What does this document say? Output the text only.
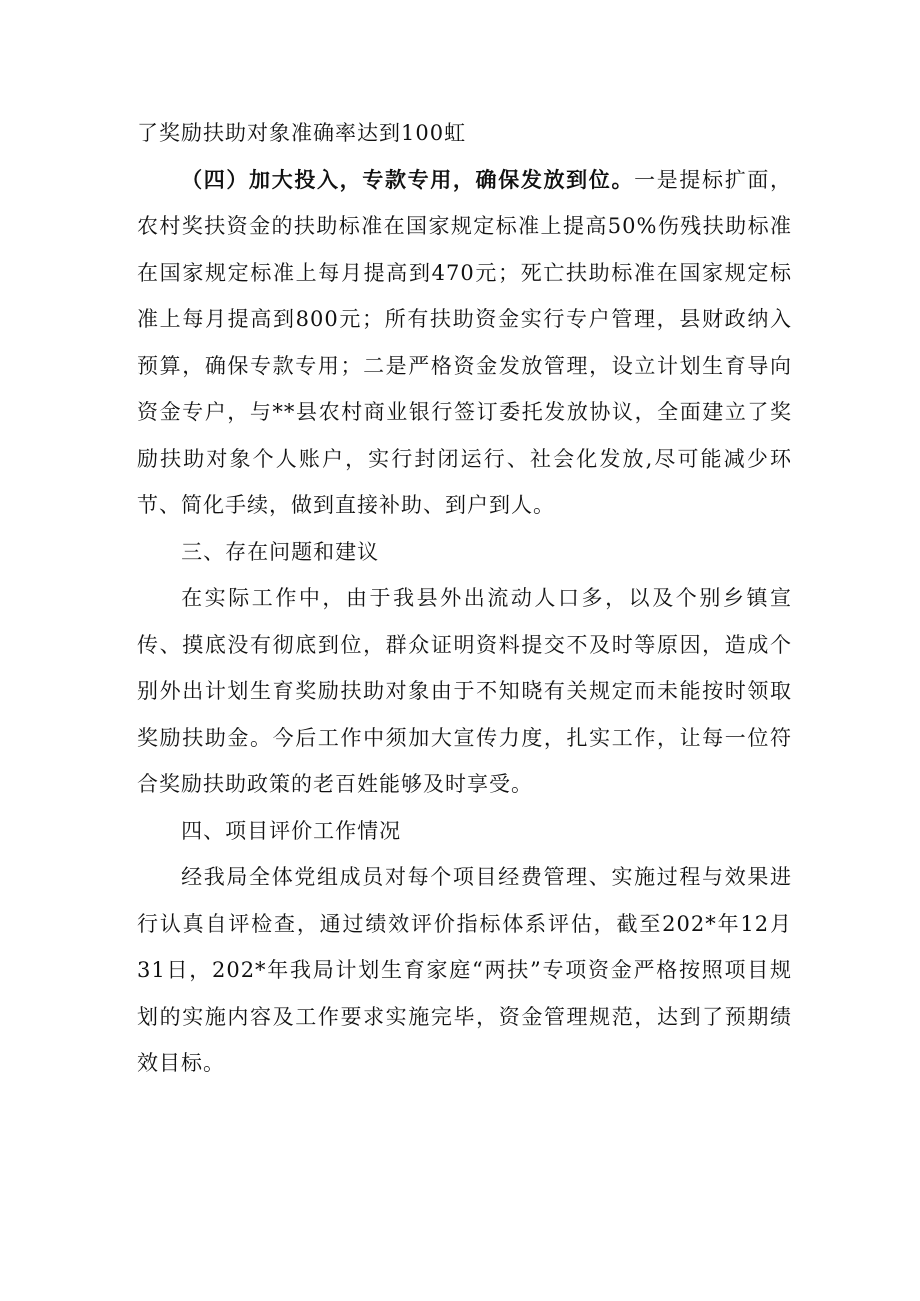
了奖励扶助对象准确率达到100虹

（四）加大投入，专款专用，确保发放到位。一是提标扩面，农村奖扶资金的扶助标准在国家规定标准上提高50%伤残扶助标准在国家规定标准上每月提高到470元；死亡扶助标准在国家规定标准上每月提高到800元；所有扶助资金实行专户管理，县财政纳入预算，确保专款专用；二是严格资金发放管理，设立计划生育导向资金专户，与**县农村商业银行签订委托发放协议，全面建立了奖励扶助对象个人账户，实行封闭运行、社会化发放,尽可能减少环节、简化手续，做到直接补助、到户到人。

三、存在问题和建议

在实际工作中，由于我县外出流动人口多，以及个别乡镇宣传、摸底没有彻底到位，群众证明资料提交不及时等原因，造成个别外出计划生育奖励扶助对象由于不知晓有关规定而未能按时领取奖励扶助金。今后工作中须加大宣传力度，扎实工作，让每一位符合奖励扶助政策的老百姓能够及时享受。

四、项目评价工作情况

经我局全体党组成员对每个项目经费管理、实施过程与效果进行认真自评检查，通过绩效评价指标体系评估，截至202*年12月31日，202*年我局计划生育家庭“两扶”专项资金严格按照项目规划的实施内容及工作要求实施完毕，资金管理规范，达到了预期绩效目标。
